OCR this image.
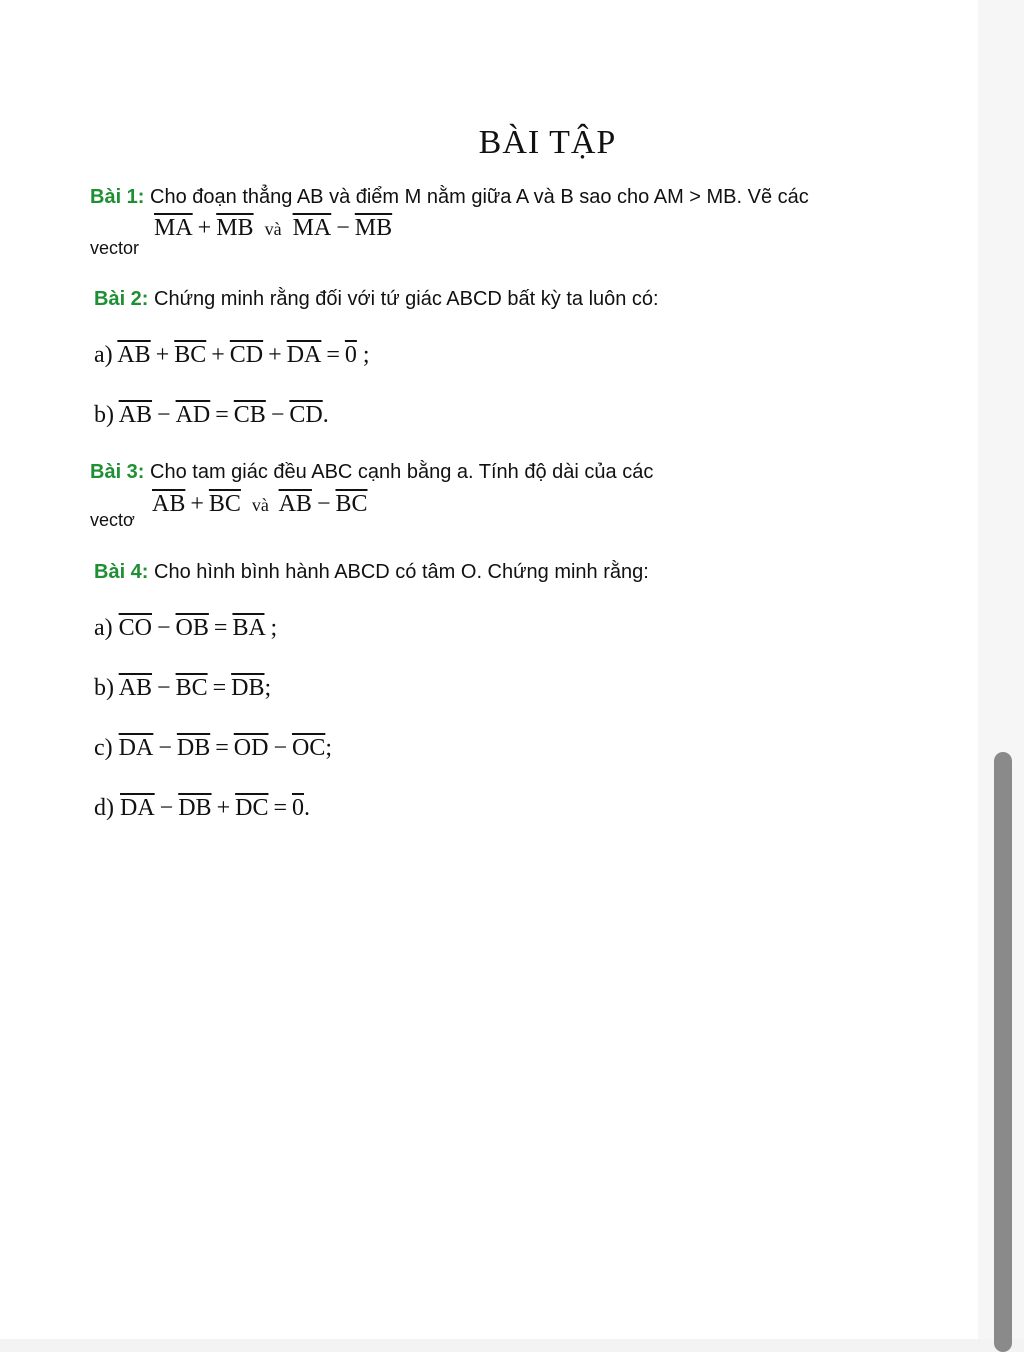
BÀI TẬP
Bài 1: Cho đoạn thẳng AB và điểm M nằm giữa A và B sao cho AM > MB. Vẽ các
vector
$\overline{MA} + \overline{MB}$ và $\overline{MA} - \overline{MB}$
Bài 2: Chứng minh rằng đối với tứ giác ABCD bất kỳ ta luôn có:
a) $\overline{AB} + \overline{BC} + \overline{CD} + \overline{DA} = 0$ ;
b) $\overline{AB} - \overline{AD} = \overline{CB} - \overline{CD}$.
Bài 3: Cho tam giác đều ABC cạnh bằng a. Tính độ dài của các
vectơ
$\overline{AB} + \overline{BC}$ và $\overline{AB} - \overline{BC}$
Bài 4: Cho hình bình hành ABCD có tâm O. Chứng minh rằng:
a) $\overline{CO} - \overline{OB} = \overline{BA}$ ;
b) $\overline{AB} - \overline{BC} = \overline{DB}$;
c) $\overline{DA} - \overline{DB} = \overline{OD} - \overline{OC}$;
d) $\overline{DA} - \overline{DB} + \overline{DC} = 0$.
